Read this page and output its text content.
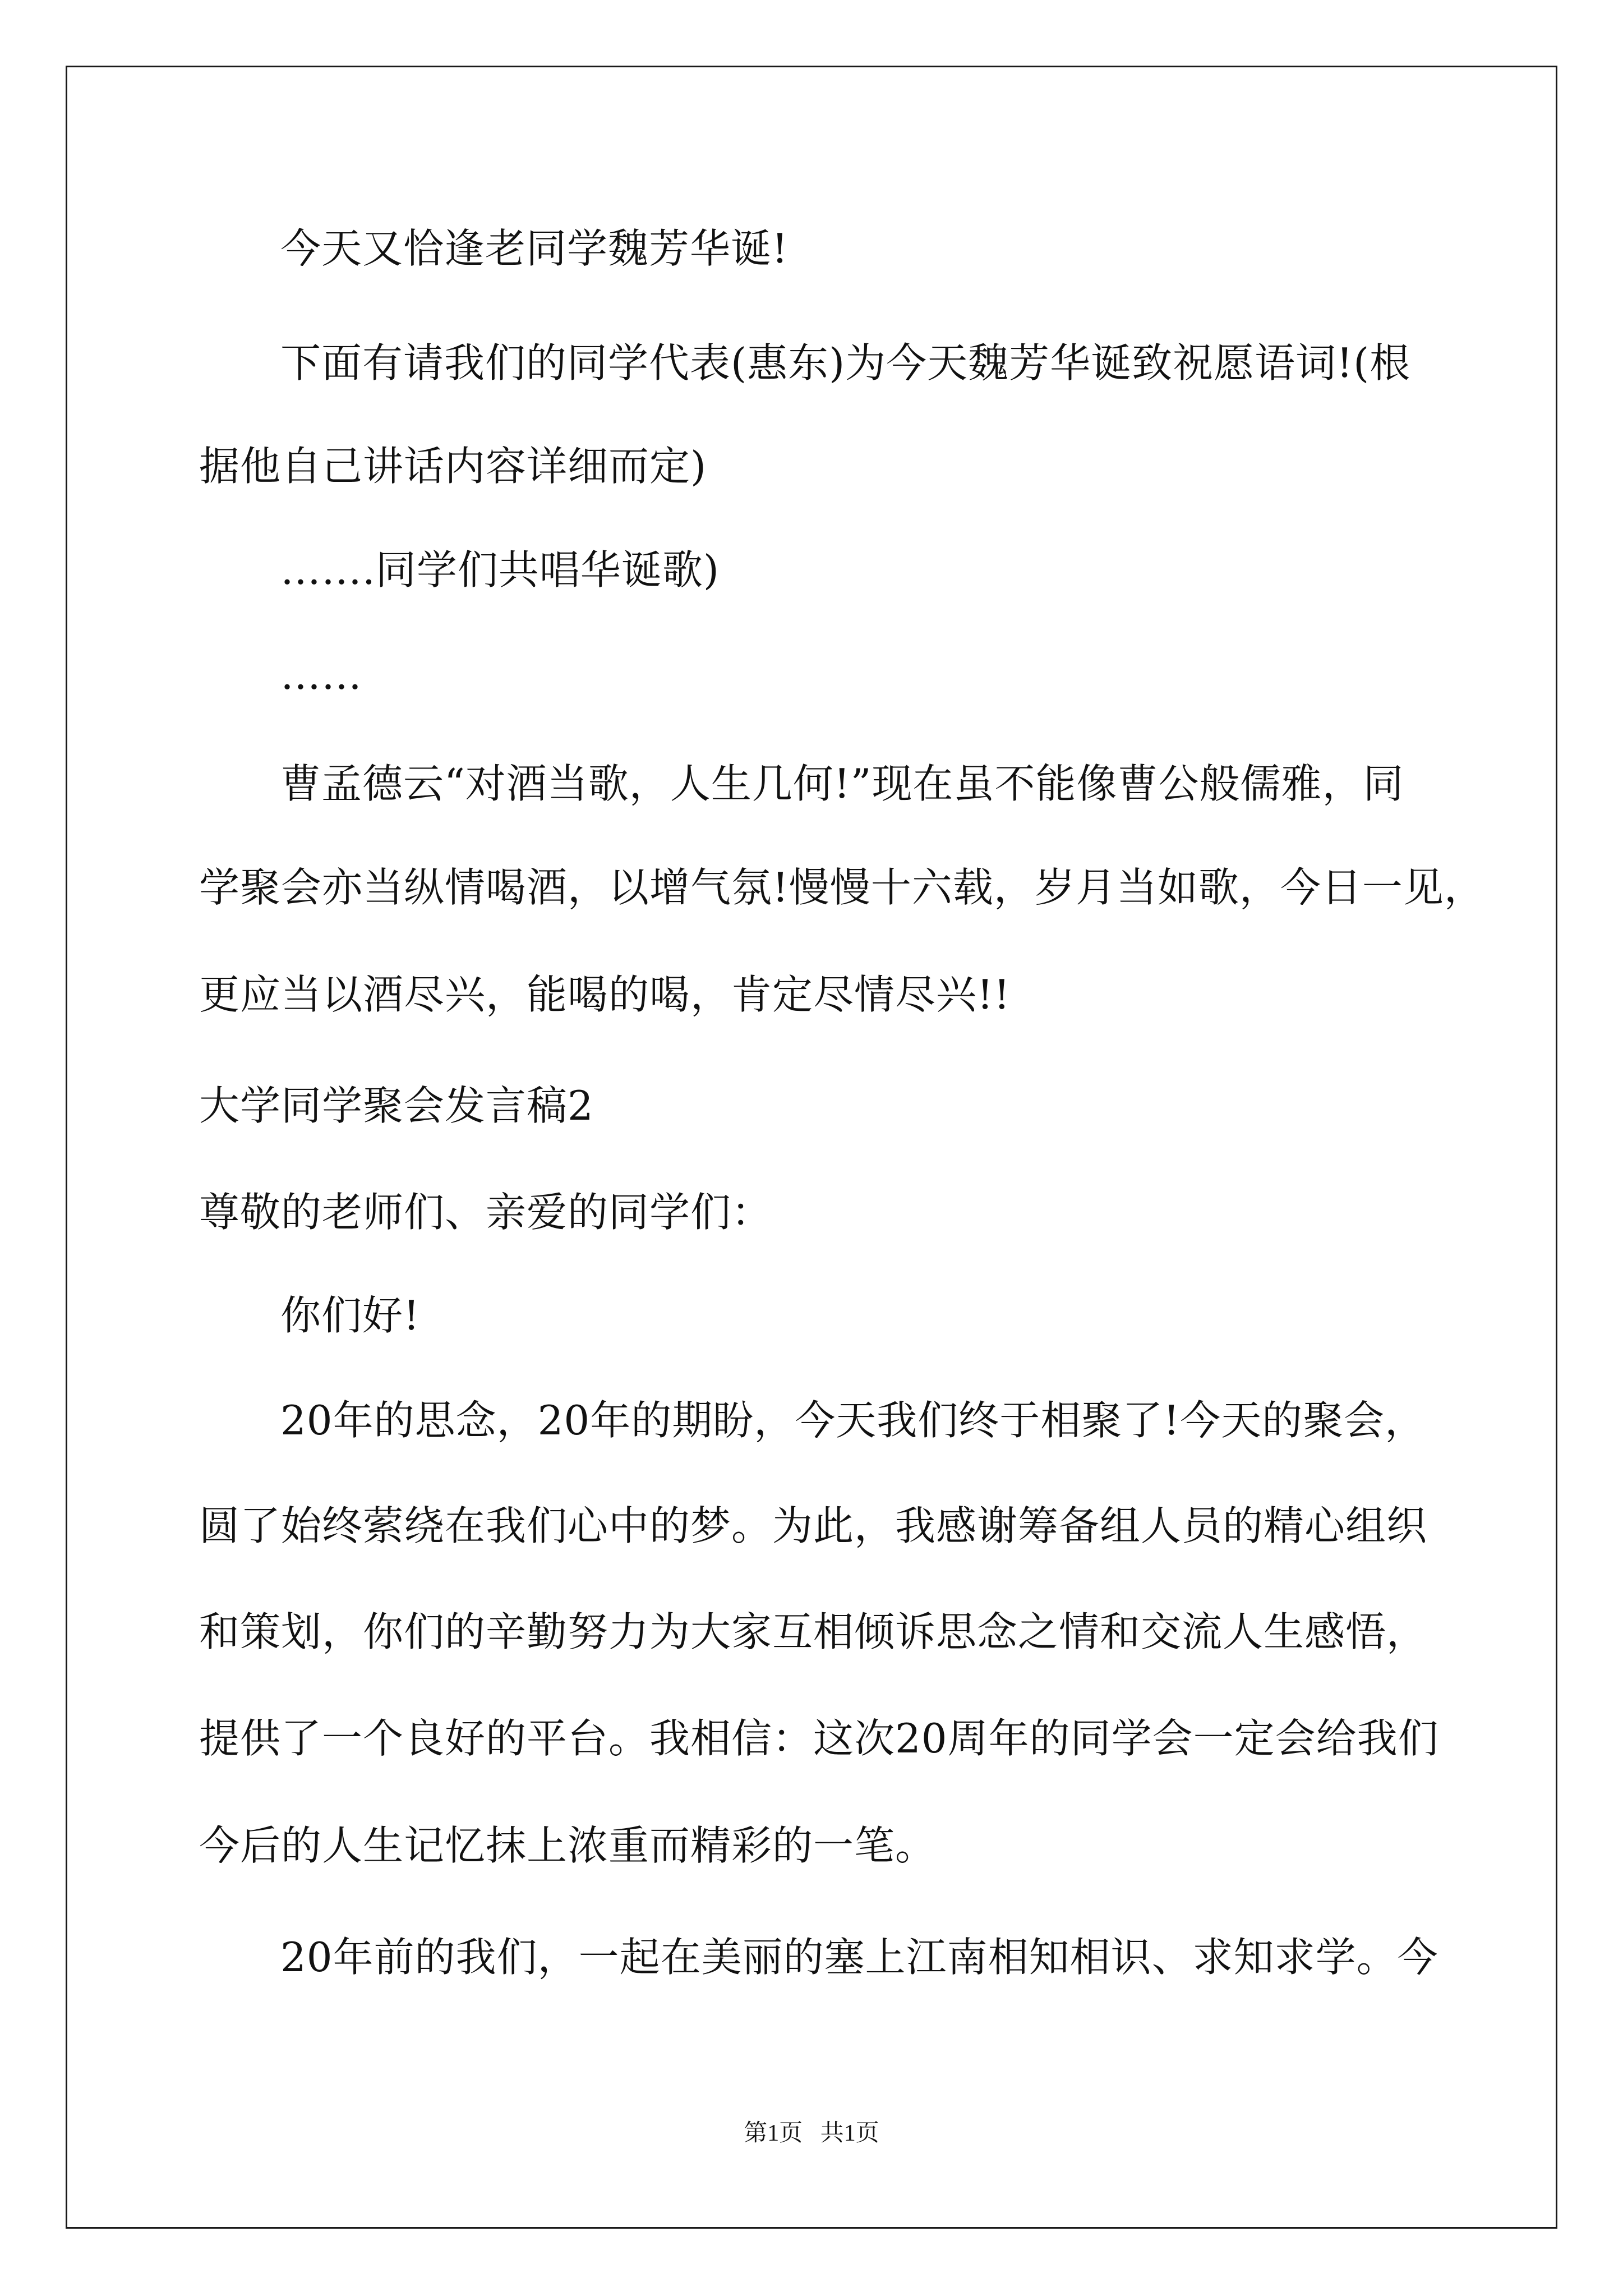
今天又恰逢老同学魏芳华诞!
下面有请我们的同学代表(惠东)为今天魏芳华诞致祝愿语词!(根
据他自己讲话内容详细而定)
…….同学们共唱华诞歌)
……
曹孟德云“对酒当歌，人生几何!”现在虽不能像曹公般儒雅，同
学聚会亦当纵情喝酒，以增气氛!慢慢十六载，岁月当如歌，今日一见，
更应当以酒尽兴，能喝的喝，肯定尽情尽兴!!
大学同学聚会发言稿2
尊敬的老师们、亲爱的同学们：
你们好!
20年的思念，20年的期盼，今天我们终于相聚了!今天的聚会，
圆了始终萦绕在我们心中的梦。为此，我感谢筹备组人员的精心组织
和策划，你们的辛勤努力为大家互相倾诉思念之情和交流人生感悟，
提供了一个良好的平台。我相信：这次20周年的同学会一定会给我们
今后的人生记忆抹上浓重而精彩的一笔。
20年前的我们，一起在美丽的塞上江南相知相识、求知求学。今
第1页   共1页
